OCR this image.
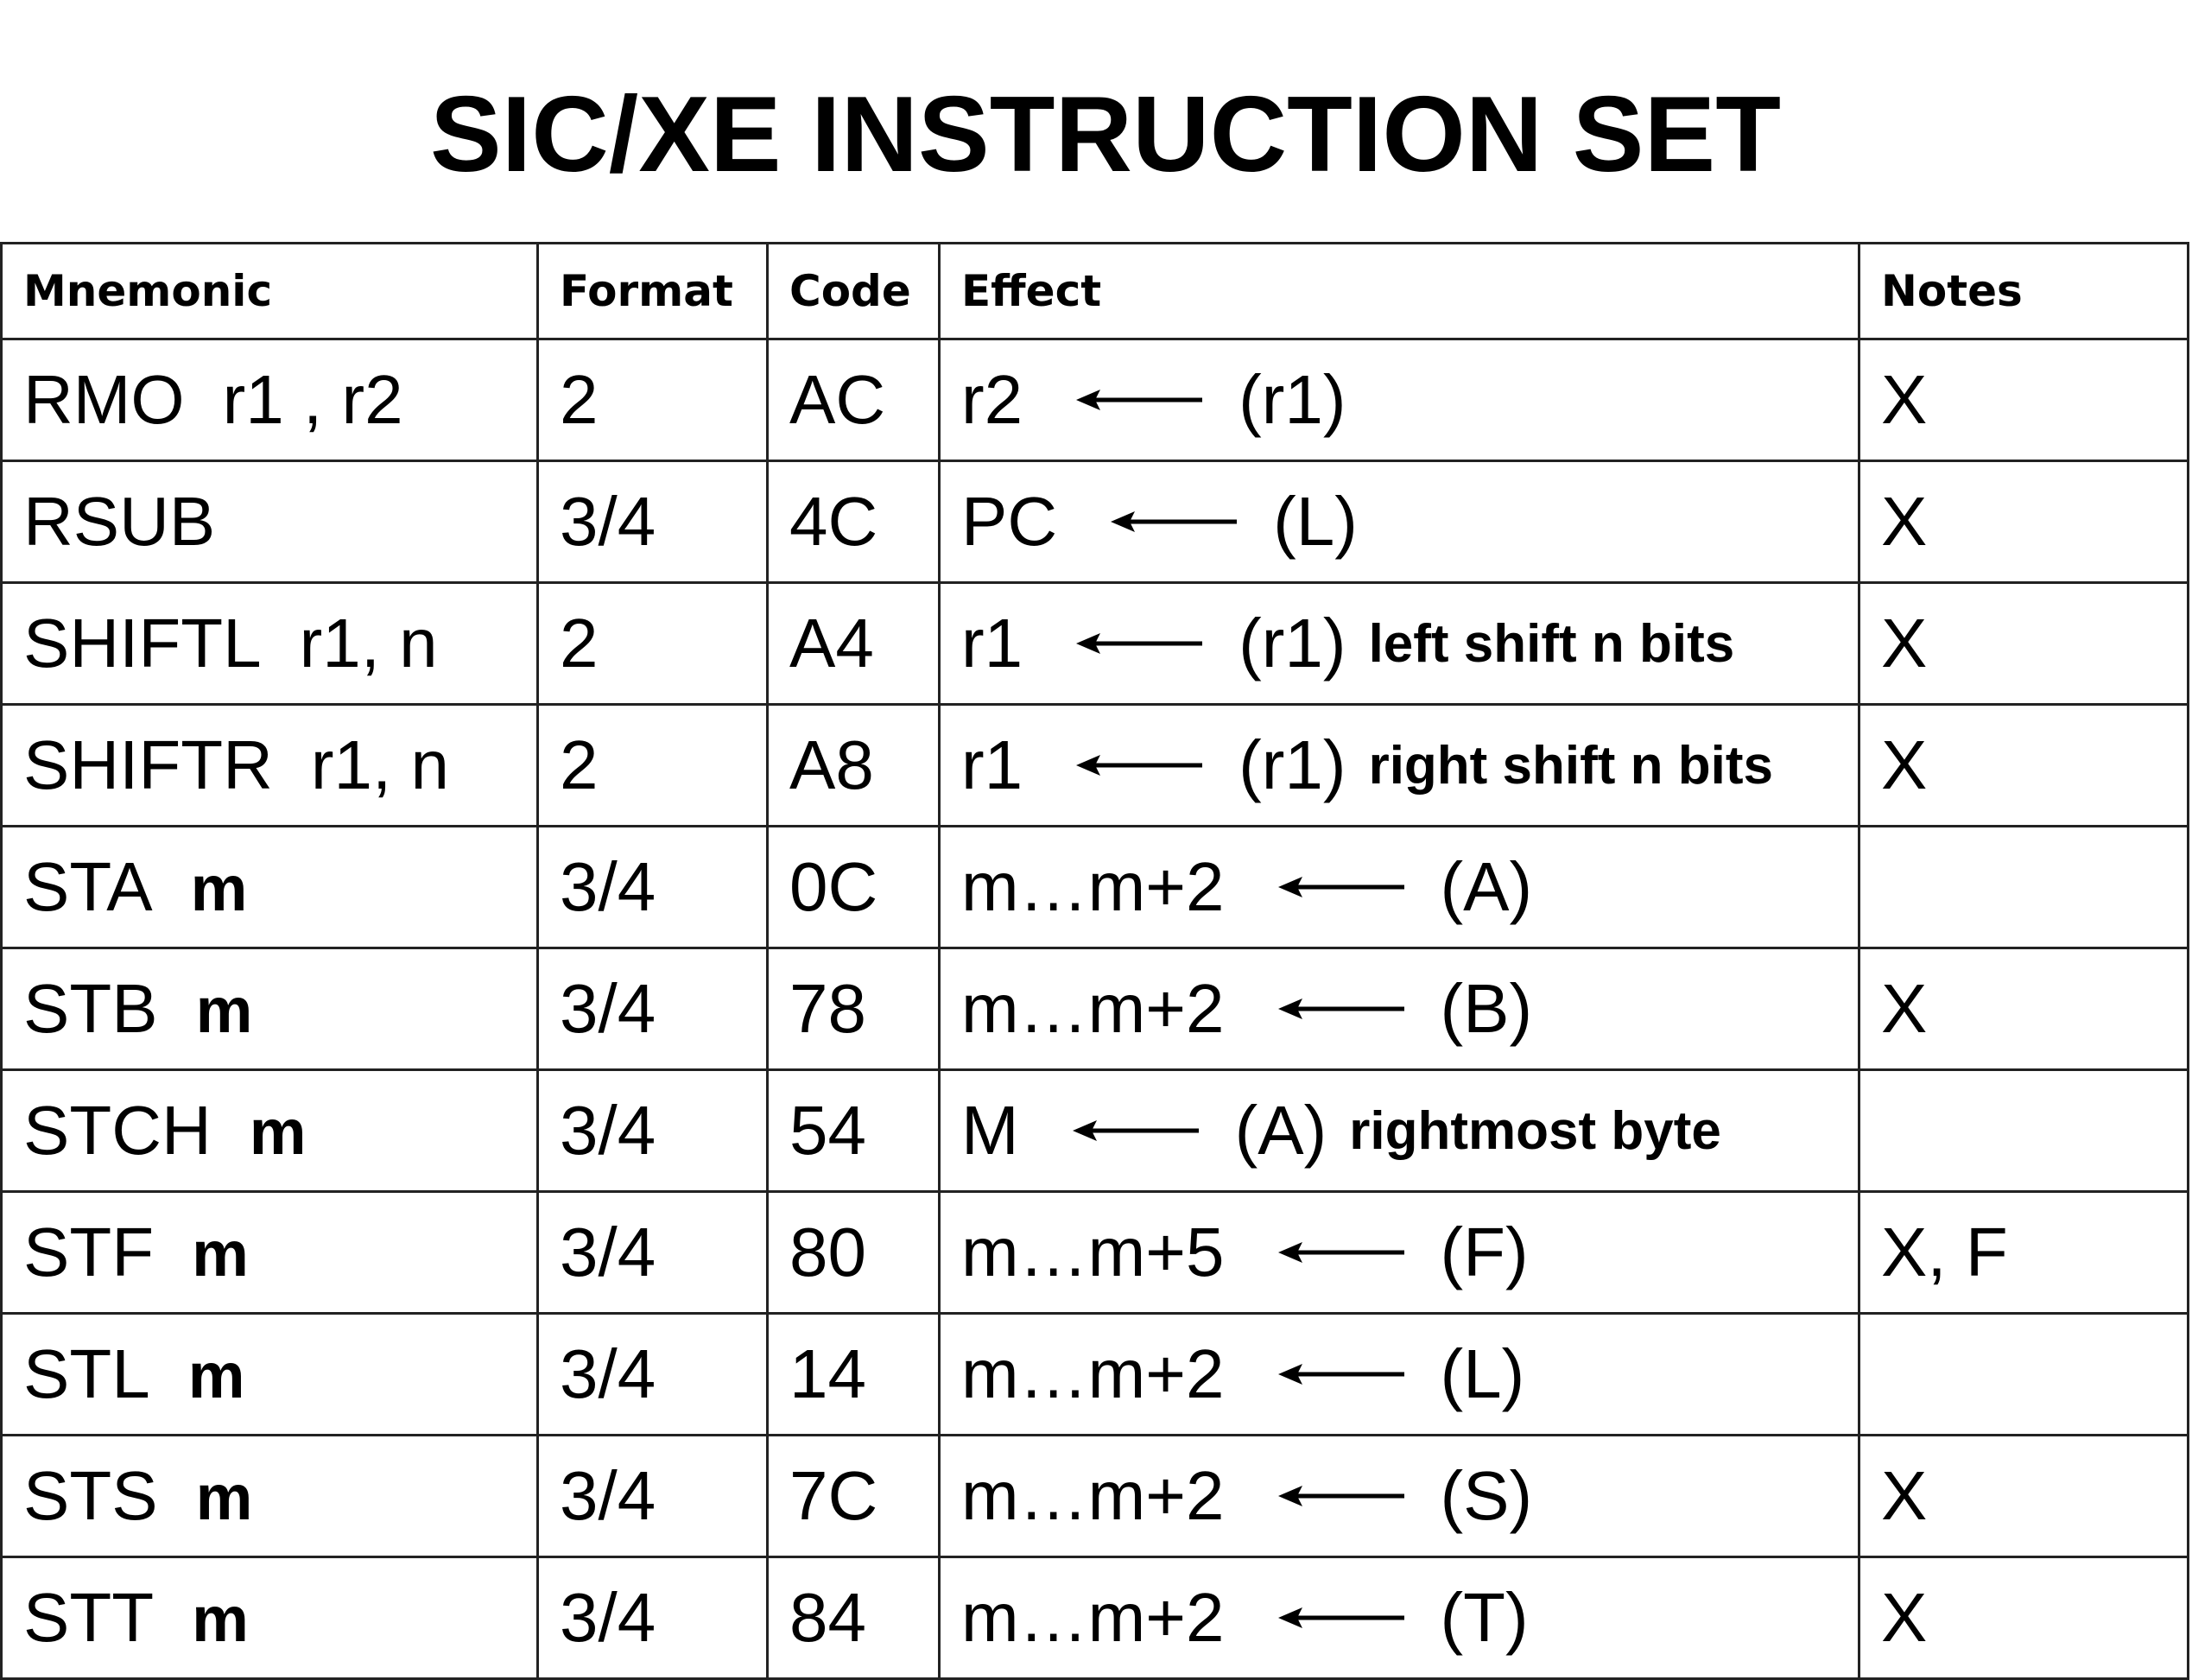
SIC/XE INSTRUCTION SET
Mnemonic	Format	Code	Effect	Notes
RMO r1 , r2	2	AC	r2 (r1)	X
RSUB	3/4	4C	PC (L)	X
SHIFTL r1, n	2	A4	r1 (r1) left shift n bits	X
SHIFTR r1, n	2	A8	r1 (r1) right shift n bits	X
STA m	3/4	0C	m…m+2 (A)	

STB m	3/4	78	m…m+2 (B)	X
STCH m	3/4	54	M (A) rightmost byte	

STF m	3/4	80	m…m+5 (F)	X, F
STL m	3/4	14	m…m+2 (L)	

STS m	3/4	7C	m…m+2 (S)	X
STT m	3/4	84	m…m+2 (T)	X
